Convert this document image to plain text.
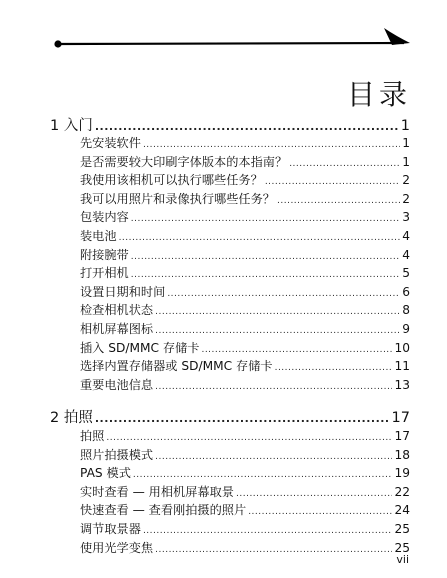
目录
1 入门 .....	1
先安装软件 .....	1
是否需要较大印刷字体版本的本指南？ .....	1
我使用该相机可以执行哪些任务？ .....	2
我可以用照片和录像执行哪些任务？ .....	2
包装内容 .....	3
装电池 .....	4
附接腕带 .....	4
打开相机 .....	5
设置日期和时间 .....	6
检查相机状态 .....	8
相机屏幕图标 .....	9
插入 SD/MMC 存储卡 .....	10
选择内置存储器或 SD/MMC 存储卡 .....	11
重要电池信息 .....	13
2 拍照 .....	17
拍照 .....	17
照片拍摄模式 .....	18
PAS 模式 .....	19
实时查看 — 用相机屏幕取景 .....	22
快速查看 — 查看刚拍摄的照片 .....	24
调节取景器 .....	25
使用光学变焦 .....	25
vii
